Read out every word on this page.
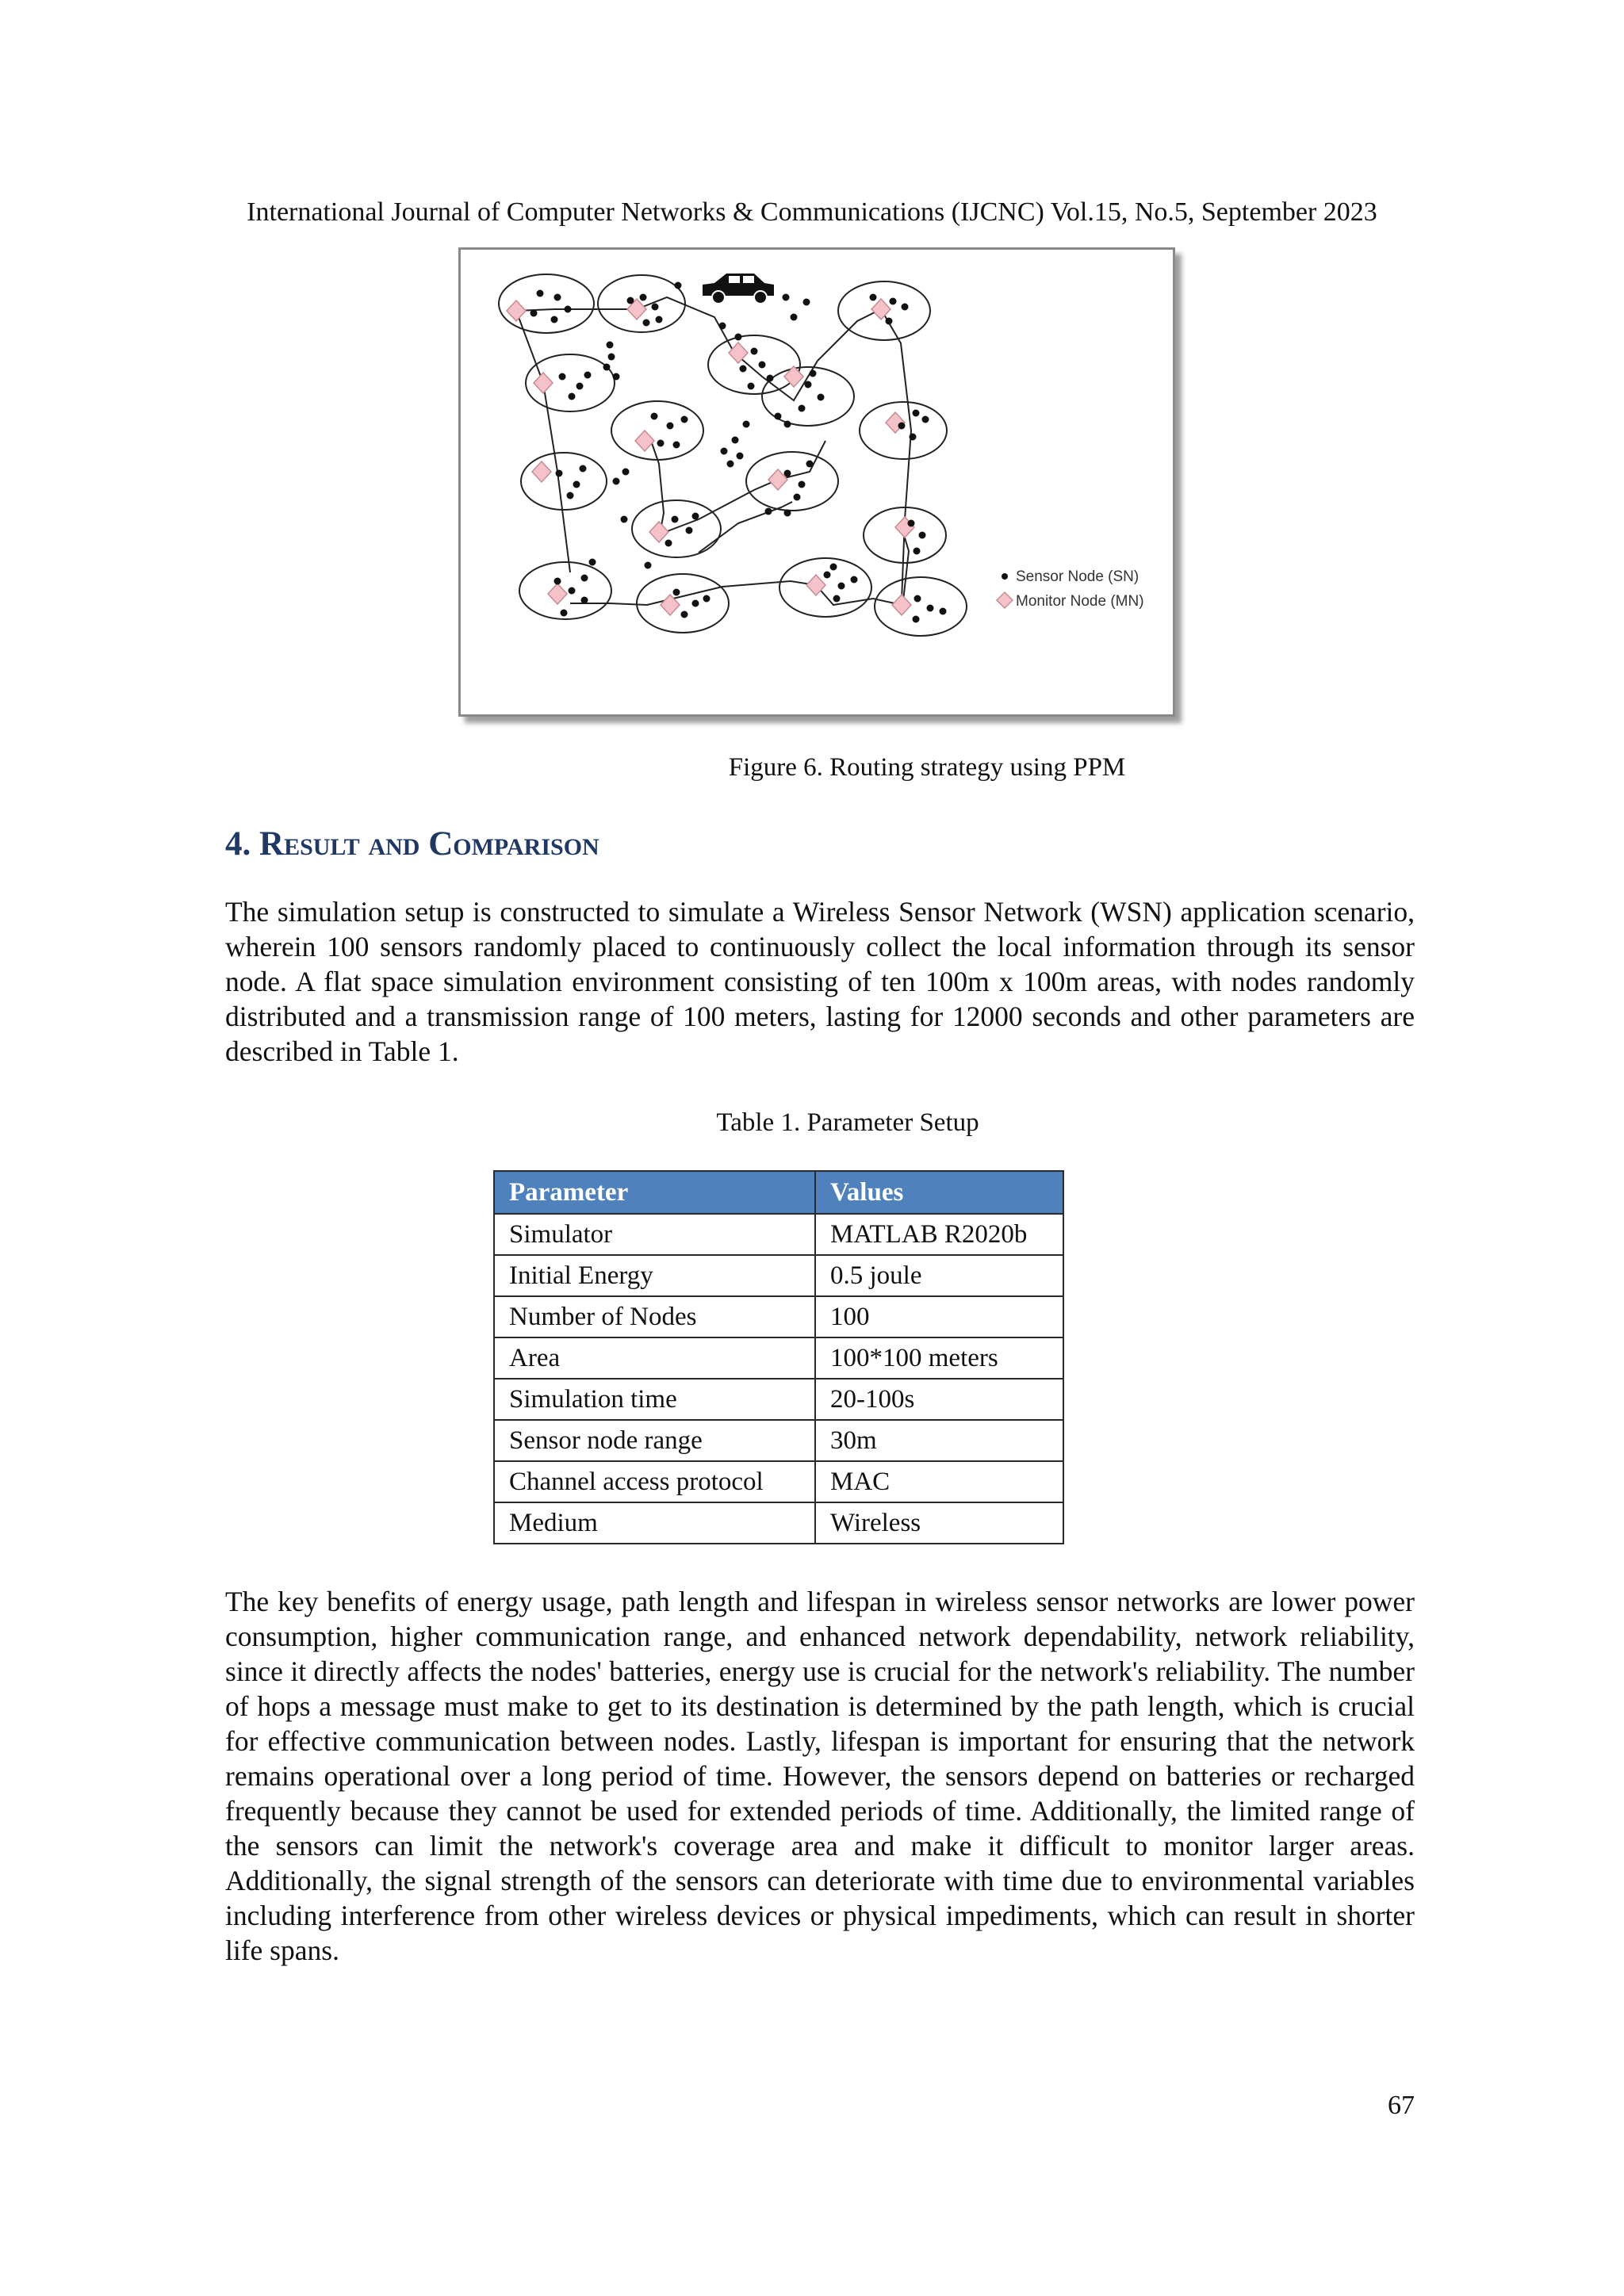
International Journal of Computer Networks & Communications (IJCNC) Vol.15, No.5, September 2023
Sensor Node (SN)
Monitor Node (MN)
Figure 6. Routing strategy using PPM
4. Result and Comparison

The simulation setup is constructed to simulate a Wireless Sensor Network (WSN) application scenario, wherein 100 sensors randomly placed to continuously collect the local information through its sensor node. A flat space simulation environment consisting of ten 100m x 100m areas, with nodes randomly distributed and a transmission range of 100 meters, lasting for 12000 seconds and other parameters are described in Table 1.

Table 1. Parameter Setup
Parameter	Values
Simulator	MATLAB R2020b
Initial Energy	0.5 joule
Number of Nodes	100
Area	100*100 meters
Simulation time	20-100s
Sensor node range	30m
Channel access protocol	MAC
Medium	Wireless

The key benefits of energy usage, path length and lifespan in wireless sensor networks are lower power consumption, higher communication range, and enhanced network dependability, network reliability, since it directly affects the nodes' batteries, energy use is crucial for the network's reliability. The number of hops a message must make to get to its destination is determined by the path length, which is crucial for effective communication between nodes. Lastly, lifespan is important for ensuring that the network remains operational over a long period of time. However, the sensors depend on batteries or recharged frequently because they cannot be used for extended periods of time. Additionally, the limited range of the sensors can limit the network's coverage area and make it difficult to monitor larger areas. Additionally, the signal strength of the sensors can deteriorate with time due to environmental variables including interference from other wireless devices or physical impediments, which can result in shorter life spans.

67
